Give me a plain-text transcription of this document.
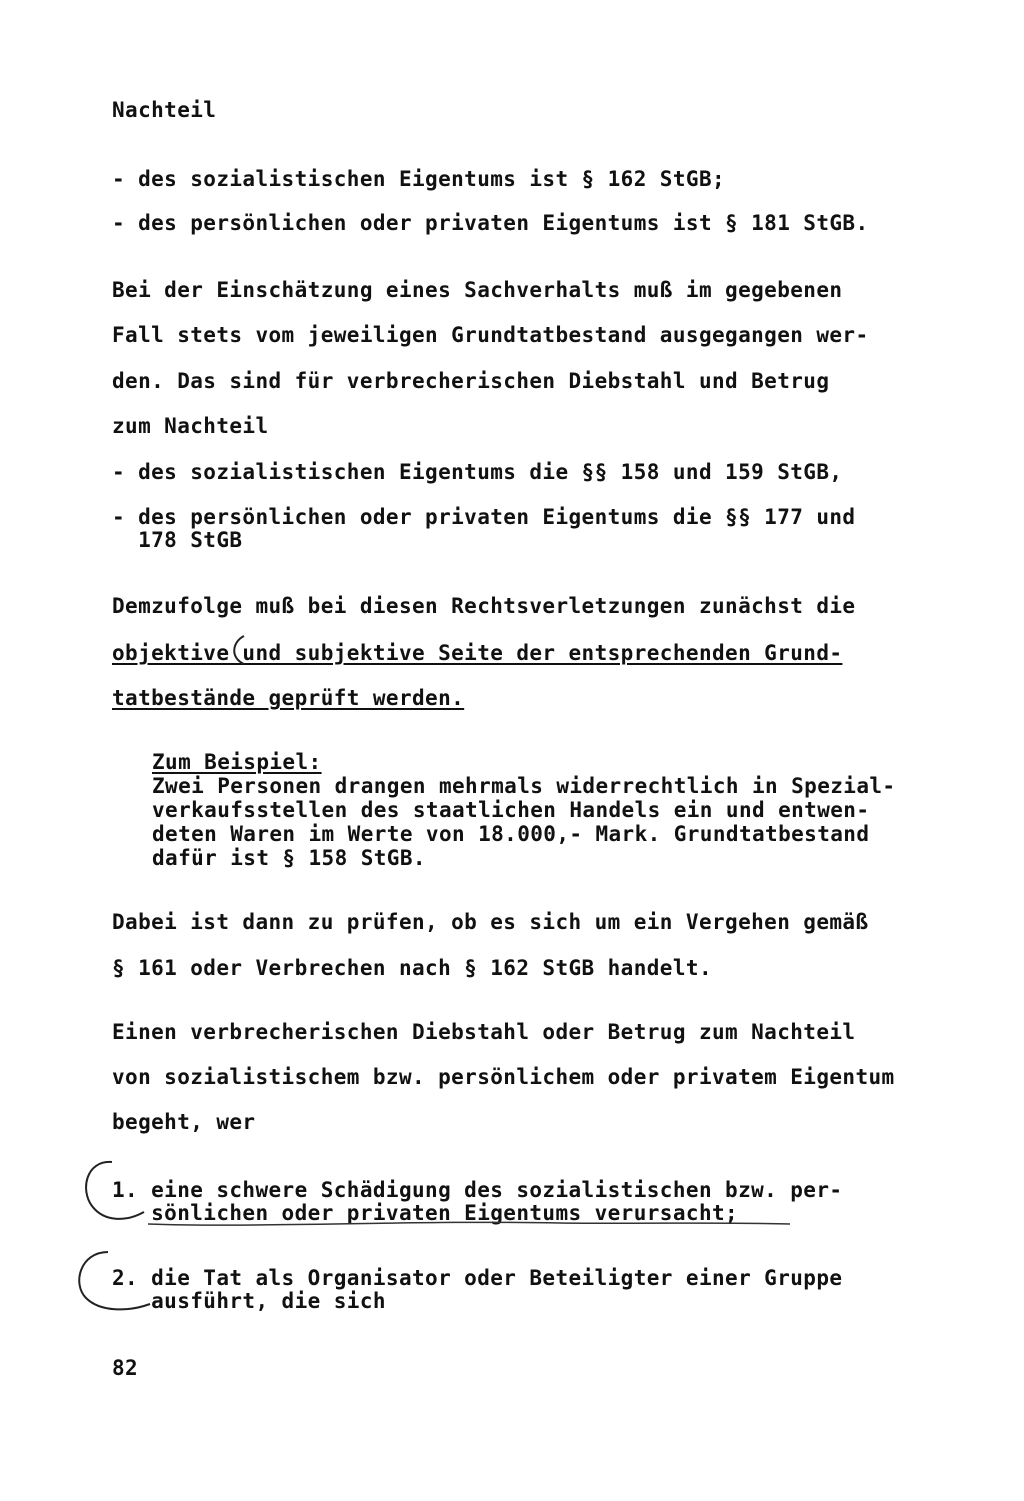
Nachteil
- des sozialistischen Eigentums ist § 162 StGB;
- des persönlichen oder privaten Eigentums ist § 181 StGB.
Bei der Einschätzung eines Sachverhalts muß im gegebenen
Fall stets vom jeweiligen Grundtatbestand ausgegangen wer-
den. Das sind für verbrecherischen Diebstahl und Betrug
zum Nachteil
- des sozialistischen Eigentums die §§ 158 und 159 StGB,
- des persönlichen oder privaten Eigentums die §§ 177 und
178 StGB
Demzufolge muß bei diesen Rechtsverletzungen zunächst die
objektive und subjektive Seite der entsprechenden Grund-
tatbestände geprüft werden.
Zum Beispiel:
Zwei Personen drangen mehrmals widerrechtlich in Spezial-
verkaufsstellen des staatlichen Handels ein und entwen-
deten Waren im Werte von 18.000,- Mark. Grundtatbestand
dafür ist § 158 StGB.
Dabei ist dann zu prüfen, ob es sich um ein Vergehen gemäß
§ 161 oder Verbrechen nach § 162 StGB handelt.
Einen verbrecherischen Diebstahl oder Betrug zum Nachteil
von sozialistischem bzw. persönlichem oder privatem Eigentum
begeht, wer
1. eine schwere Schädigung des sozialistischen bzw. per-
sönlichen oder privaten Eigentums verursacht;
2. die Tat als Organisator oder Beteiligter einer Gruppe
ausführt, die sich
82
